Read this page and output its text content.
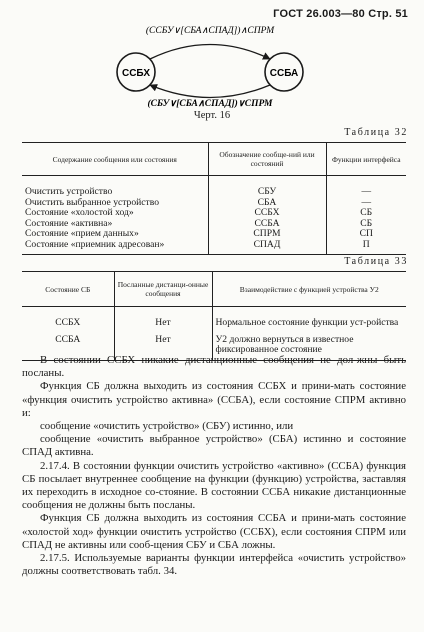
ГОСТ 26.003—80 Стр. 51
ССБХ	ССБА
(ССБУ∨[СБА∧СПАД])∧СПРМ
(СБУ∨[СБА∧СПАД])∨СПРМ
Черт. 16
Таблица 32
Содержание сообщения или состояния	Обозначение сообще-ний или состояний	Функции интерфейса
Очистить устройство	СБУ	—
Очистить выбранное устройство	СБА	—
Состояние «холостой ход»	ССБХ	СБ
Состояние «активна»	ССБА	СБ
Состояние «прием данных»	СПРМ	СП
Состояние «приемник адресован»	СПАД	П
Таблица 33
Состояние СБ	Посланные дистанци-онные сообщения	Взаимодействие с функцией устройства У2
ССБХ	Нет	Нормальное состояние функции уст-ройства
ССБА	Нет	У2 должно вернуться в известное фиксированное состояние

В состоянии ССБХ никакие дистанционные сообщения не дол-жны быть посланы.

Функция СБ должна выходить из состояния ССБХ и прини-мать состояние «функция очистить устройство активна» (ССБА), если состояние СПРМ активно и:

сообщение «очистить устройство» (СБУ) истинно, или

сообщение «очистить выбранное устройство» (СБА) истинно и состояние СПАД активна.

2.17.4. В состоянии функции очистить устройство «активно» (ССБА) функция СБ посылает внутреннее сообщение на функции (функцию) устройства, заставляя их переходить в исходное со-стояние. В состоянии ССБА никакие дистанционные сообщения не должны быть посланы.

Функция СБ должна выходить из состояния ССБА и прини-мать состояние «холостой ход» функции очистить устройство (ССБХ), если состояния СПРМ или СПАД не активны или сооб-щения СБУ и СБА ложны.

2.17.5. Используемые варианты функции интерфейса «очистить устройство» должны соответствовать табл. 34.
